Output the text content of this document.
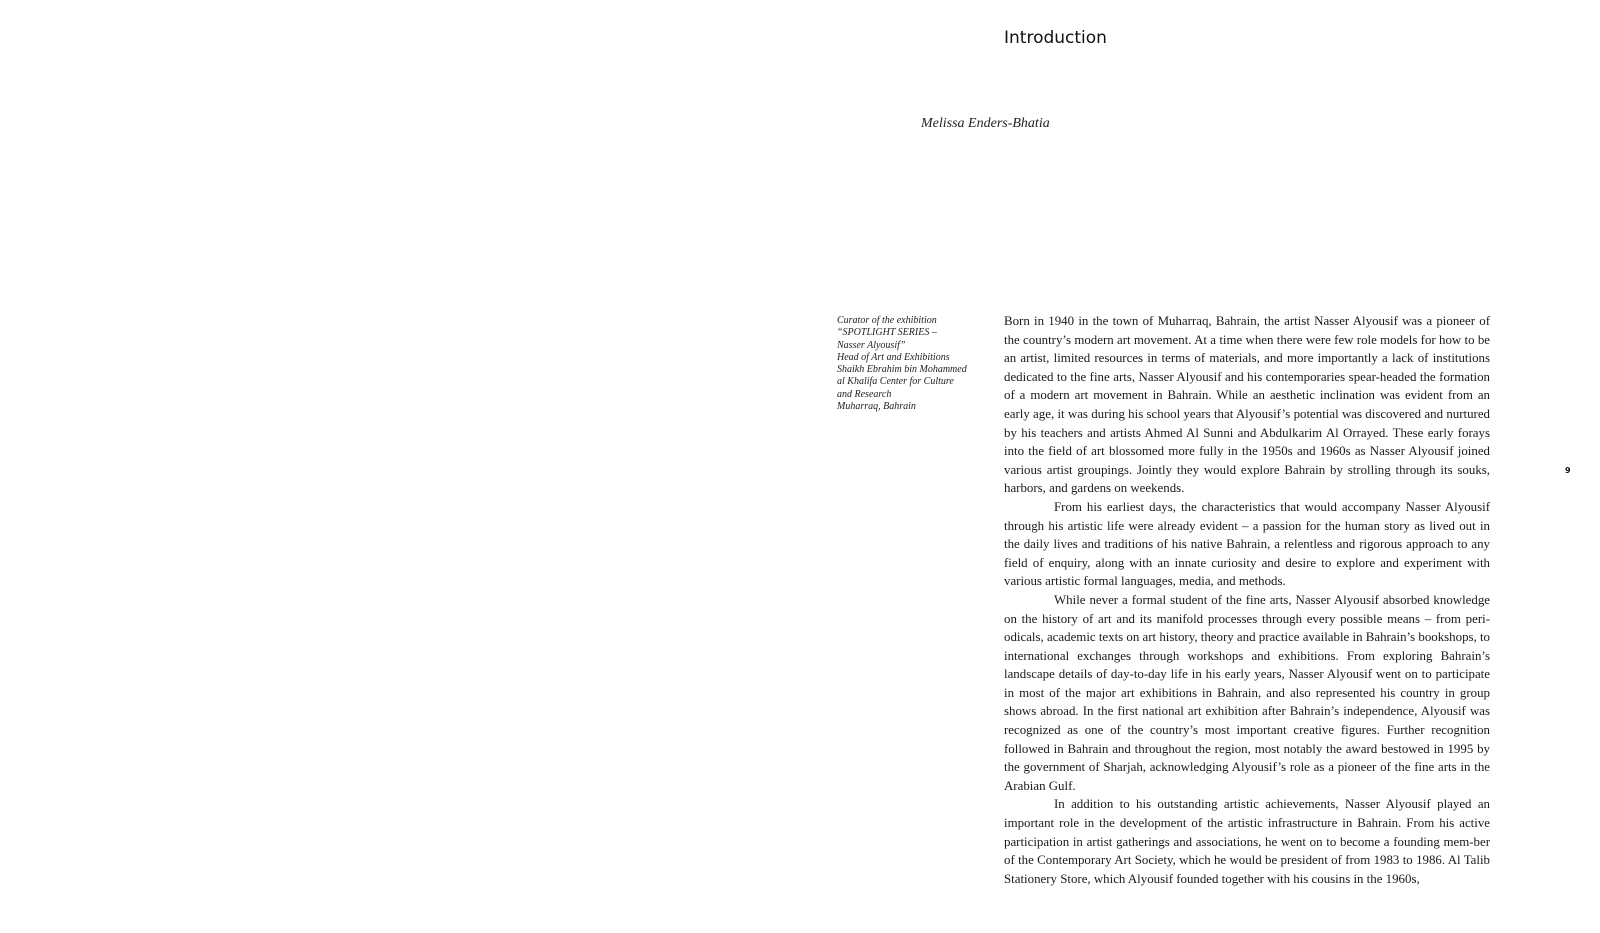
Introduction
Melissa Enders-Bhatia
Curator of the exhibition
“SPOTLIGHT SERIES –
Nasser Alyousif”
Head of Art and Exhibitions
Shaikh Ebrahim bin Mohammed
al Khalifa Center for Culture
and Research
Muharraq, Bahrain

Born in 1940 in the town of Muharraq, Bahrain, the artist Nasser Alyousif was a pioneer of the country’s modern art movement. At a time when there were few role models for how to be an artist, limited resources in terms of materials, and more importantly a lack of institutions dedicated to the fine arts, Nasser Alyousif and his contemporaries spear-headed the formation of a modern art movement in Bahrain. While an aesthetic inclination was evident from an early age, it was during his school years that Alyousif’s potential was discovered and nurtured by his teachers and artists Ahmed Al Sunni and Abdulkarim Al Orrayed. These early forays into the field of art blossomed more fully in the 1950s and 1960s as Nasser Alyousif joined various artist groupings. Jointly they would explore Bahrain by strolling through its souks, harbors, and gardens on weekends.

From his earliest days, the characteristics that would accompany Nasser Alyousif through his artistic life were already evident – a passion for the human story as lived out in the daily lives and traditions of his native Bahrain, a relentless and rigorous approach to any field of enquiry, along with an innate curiosity and desire to explore and experiment with various artistic formal languages, media, and methods.

While never a formal student of the fine arts, Nasser Alyousif absorbed knowledge on the history of art and its manifold processes through every possible means – from peri-odicals, academic texts on art history, theory and practice available in Bahrain’s bookshops, to international exchanges through workshops and exhibitions. From exploring Bahrain’s landscape details of day-to-day life in his early years, Nasser Alyousif went on to participate in most of the major art exhibitions in Bahrain, and also represented his country in group shows abroad. In the first national art exhibition after Bahrain’s independence, Alyousif was recognized as one of the country’s most important creative figures. Further recognition followed in Bahrain and throughout the region, most notably the award bestowed in 1995 by the government of Sharjah, acknowledging Alyousif’s role as a pioneer of the fine arts in the Arabian Gulf.

In addition to his outstanding artistic achievements, Nasser Alyousif played an important role in the development of the artistic infrastructure in Bahrain. From his active participation in artist gatherings and associations, he went on to become a founding mem-ber of the Contemporary Art Society, which he would be president of from 1983 to 1986. Al Talib Stationery Store, which Alyousif founded together with his cousins in the 1960s,

9
